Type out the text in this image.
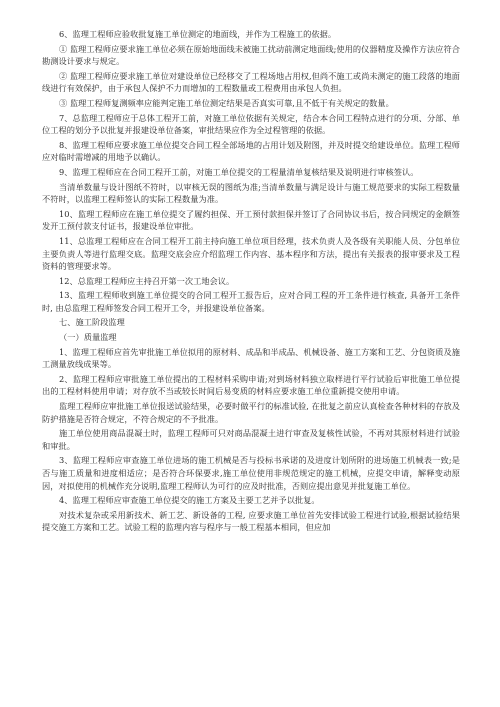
6、监理工程师应验收批复施工单位测定的地面线，并作为工程施工的依据。

① 监理工程师应要求施工单位必须在原始地面线未被施工扰动前测定地面线;使用的仪器精度及操作方法应符合勘测设计要求与规定。

② 监理工程师应要求施工单位对建设单位已经移交了工程场地占用权,但尚不施工或尚未测定的施工段落的地面线进行有效保护，由于承包人保护不力而增加的工程数量或工程费用由承包人负担。

③ 监理工程师复测频率应能判定施工单位测定结果是否真实可靠,且不低于有关规定的数量。

7、总监理工程师应于总体工程开工前，对施工单位依据有关规定，结合本合同工程特点进行的分项、分部、单位工程的划分予以批复并报建设单位备案，审批结果应作为全过程管理的依据。

8、监理工程师应要求施工单位提交合同工程全部场地的占用计划及附图，并及时提交给建设单位。监理工程师应对临时需增减的用地予以确认。

9、监理工程师应在合同工程开工前，对施工单位提交的工程量清单复核结果及说明进行审核签认。

当清单数量与设计图纸不符时，以审核无误的图纸为准;当清单数量与满足设计与施工规范要求的实际工程数量不符时，以监理工程师签认的实际工程数量为准。

10、监理工程师应在施工单位提交了履约担保、开工预付款担保并签订了合同协议书后，按合同规定的金额签发开工预付款支付证书，报建设单位审批。

11、总监理工程师应在合同工程开工前主持向施工单位项目经理，技术负责人及各级有关职能人员、分包单位主要负责人等进行监理交底。监理交底会应介绍监理工作内容、基本程序和方法，提出有关报表的报审要求及工程资料的管理要求等。

12、总监理工程师应主持召开第一次工地会议。

13、监理工程师收到施工单位提交的合同工程开工报告后，应对合同工程的开工条件进行核查, 具备开工条件时, 由总监理工程师签发合同工程开工令，并报建设单位备案。

七、施工阶段监理

（一）质量监理

1、监理工程师应首先审批施工单位拟用的原材料、成品和半成品、机械设备、施工方案和工艺、分包资质及施工测量放线成果等。

2、监理工程师应审批施工单位提出的工程材料采购申请;对到场材料独立取样进行平行试验后审批施工单位提出的工程材料使用申请；对存放不当或较长时间后易变质的材料应要求施工单位重新提交使用申请。

监理工程师应审批施工单位报送试验结果，必要时做平行的标准试验, 在批复之前应认真检查各种材料的存放及防护措施是否符合规定，不符合规定的不予批准。

施工单位使用商品混凝土时，监理工程师可只对商品混凝土进行审查及复核性试验，不再对其原材料进行试验和审批。

3、监理工程师应审查施工单位进场的施工机械是否与投标书承诺的及进度计划所附的进场施工机械表一致;是否与施工质量和进度相适应；是否符合环保要求,施工单位使用非规范规定的施工机械，应提交申请，解释变动原因，对拟使用的机械作充分说明,监理工程师认为可行的应及时批准，否则应提出意见并批复施工单位。

4、监理工程师应审查施工单位提交的施工方案及主要工艺并予以批复。

对技术复杂或采用新技术、新工艺、新设备的工程, 应要求施工单位首先安排试验工程进行试验,根据试验结果提交施工方案和工艺。试验工程的监理内容与程序与一般工程基本相同，但应加
